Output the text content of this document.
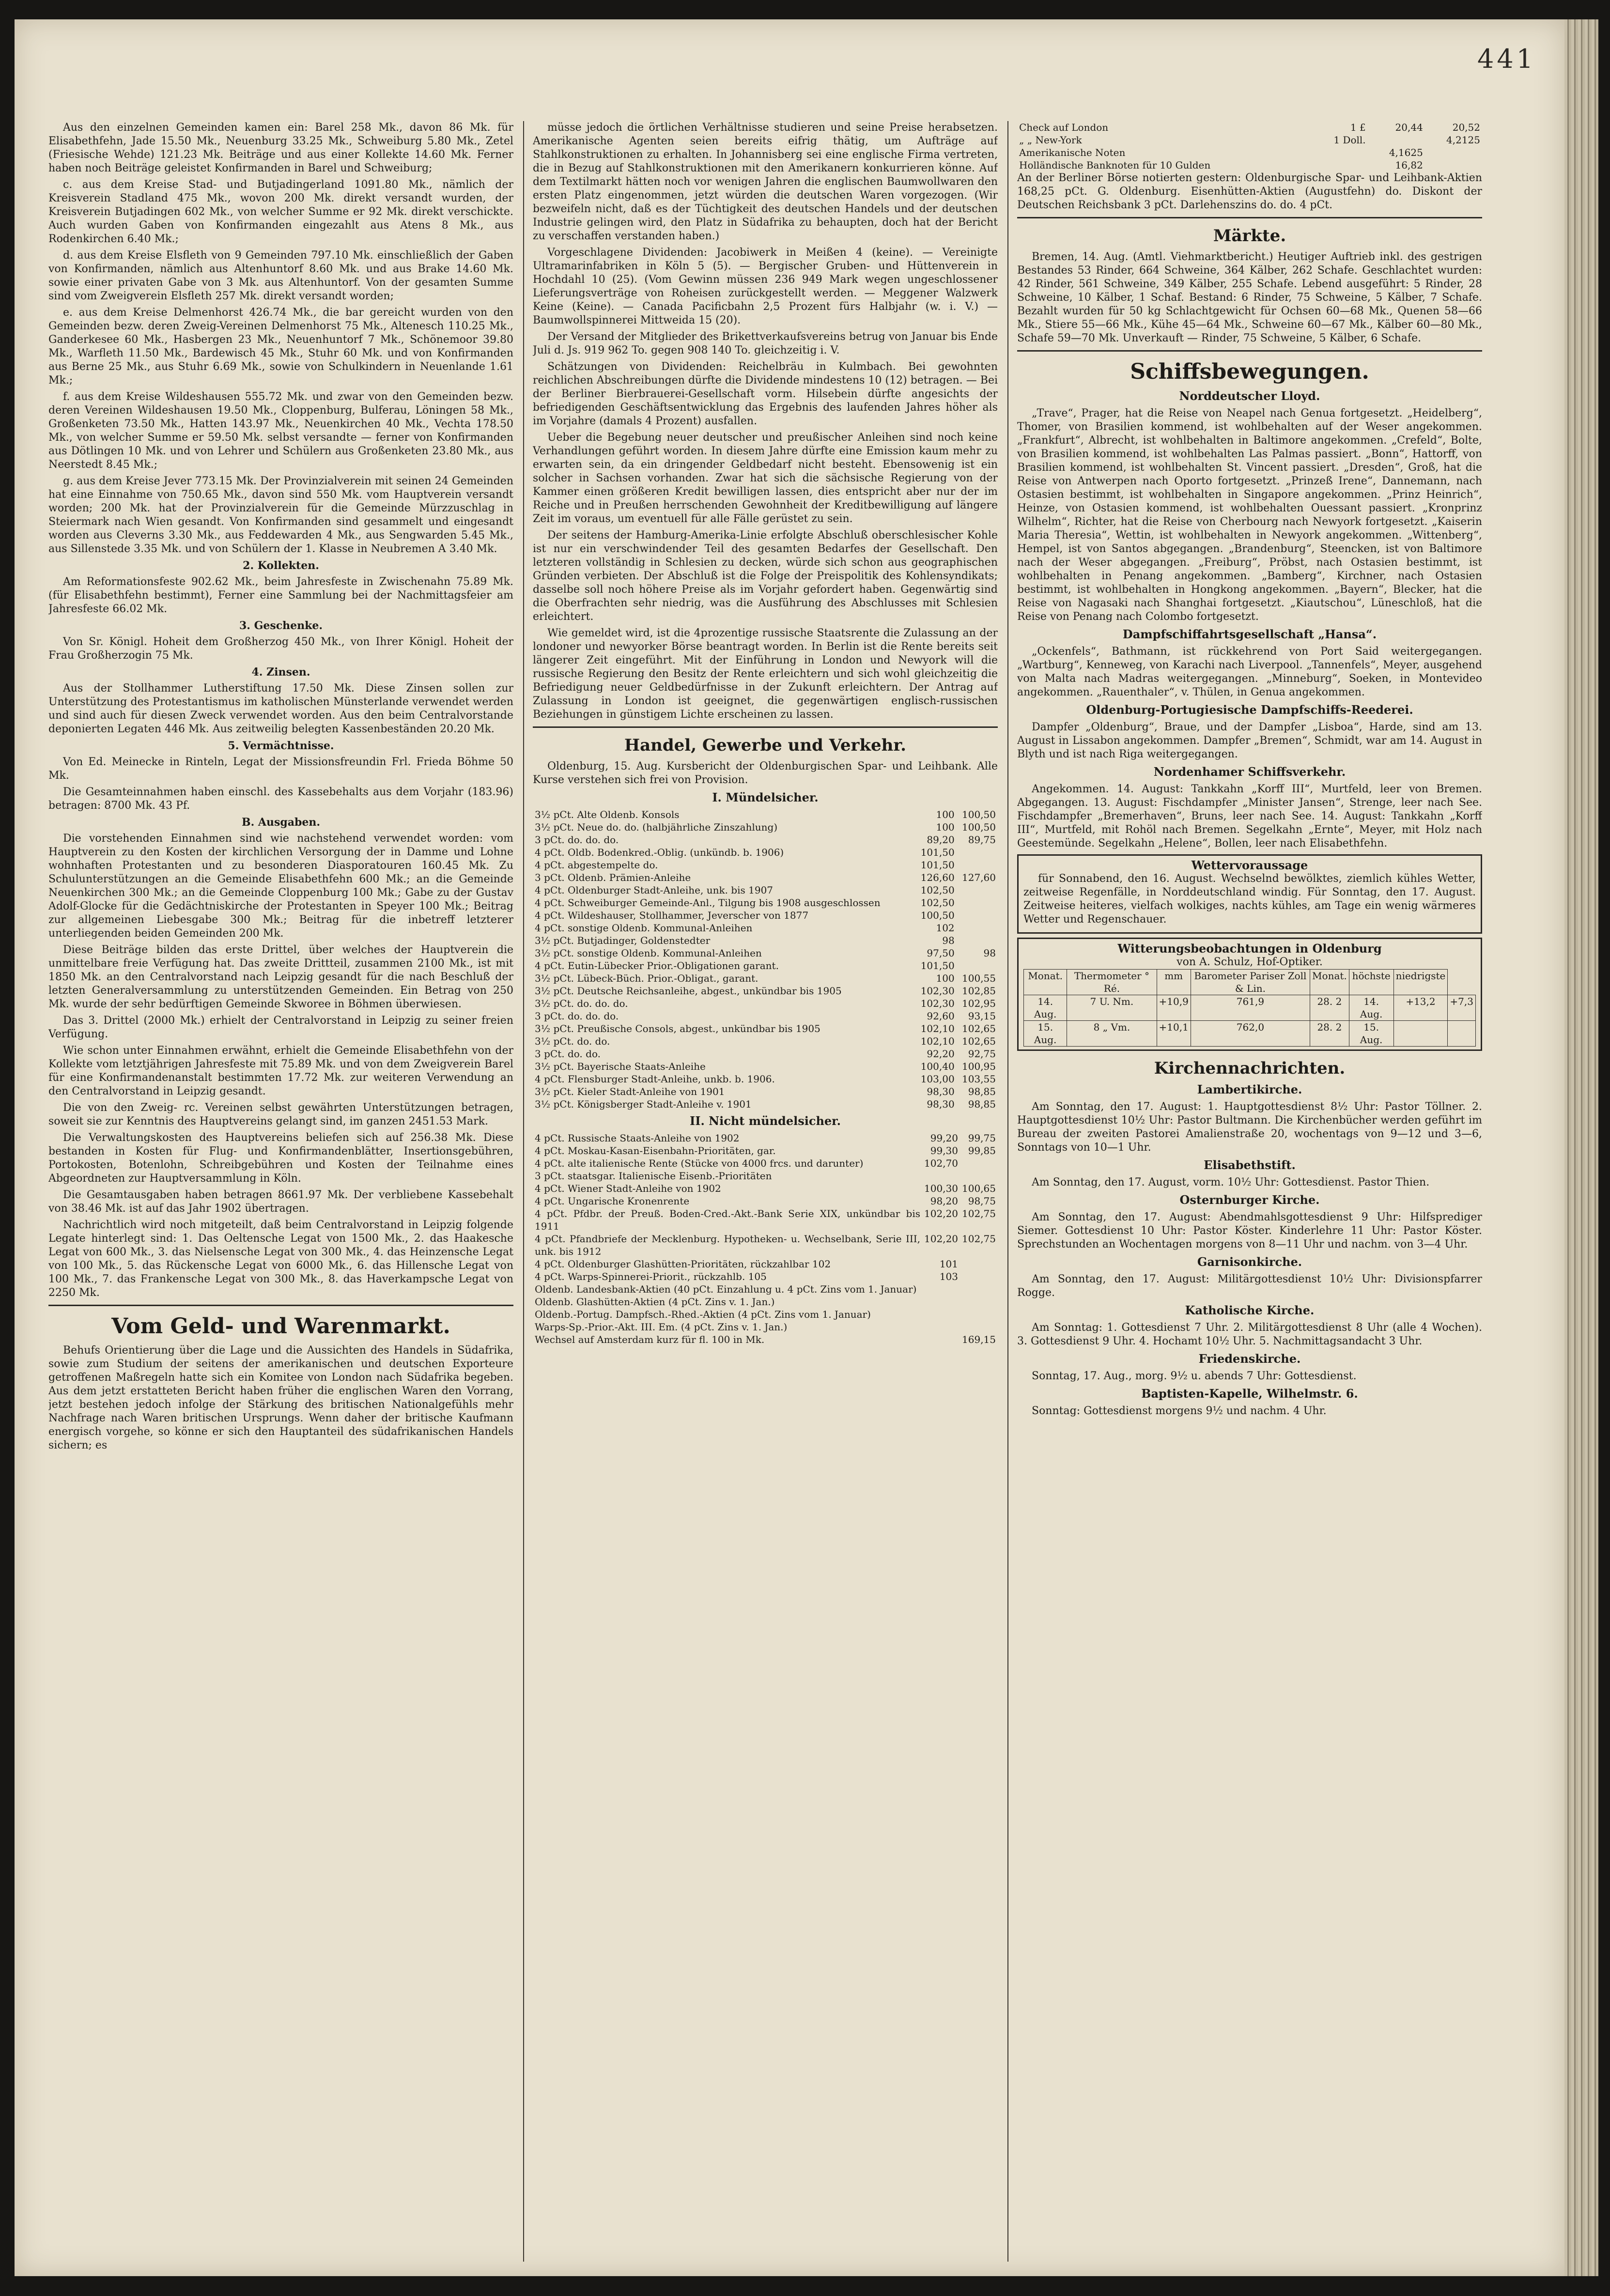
441

Aus den einzelnen Gemeinden kamen ein: Barel 258 Mk., davon 86 Mk. für Elisabethfehn, Jade 15.50 Mk., Neuenburg 33.25 Mk., Schweiburg 5.80 Mk., Zetel (Friesische Wehde) 121.23 Mk. Beiträge und aus einer Kollekte 14.60 Mk. Ferner haben noch Beiträge geleistet Konfirmanden in Barel und Schweiburg;

c. aus dem Kreise Stad- und Butjadingerland 1091.80 Mk., nämlich der Kreisverein Stadland 475 Mk., wovon 200 Mk. direkt versandt wurden, der Kreisverein Butjadingen 602 Mk., von welcher Summe er 92 Mk. direkt verschickte. Auch wurden Gaben von Konfirmanden eingezahlt aus Atens 8 Mk., aus Rodenkirchen 6.40 Mk.;

d. aus dem Kreise Elsfleth von 9 Gemeinden 797.10 Mk. einschließlich der Gaben von Konfirmanden, nämlich aus Altenhuntorf 8.60 Mk. und aus Brake 14.60 Mk. sowie einer privaten Gabe von 3 Mk. aus Altenhuntorf. Von der gesamten Summe sind vom Zweigverein Elsfleth 257 Mk. direkt versandt worden;

e. aus dem Kreise Delmenhorst 426.74 Mk., die bar gereicht wurden von den Gemeinden bezw. deren Zweig-Vereinen Delmenhorst 75 Mk., Altenesch 110.25 Mk., Ganderkesee 60 Mk., Hasbergen 23 Mk., Neuenhuntorf 7 Mk., Schönemoor 39.80 Mk., Warfleth 11.50 Mk., Bardewisch 45 Mk., Stuhr 60 Mk. und von Konfirmanden aus Berne 25 Mk., aus Stuhr 6.69 Mk., sowie von Schulkindern in Neuenlande 1.61 Mk.;

f. aus dem Kreise Wildeshausen 555.72 Mk. und zwar von den Gemeinden bezw. deren Vereinen Wildeshausen 19.50 Mk., Cloppenburg, Bulferau, Löningen 58 Mk., Großenketen 73.50 Mk., Hatten 143.97 Mk., Neuenkirchen 40 Mk., Vechta 178.50 Mk., von welcher Summe er 59.50 Mk. selbst versandte — ferner von Konfirmanden aus Dötlingen 10 Mk. und von Lehrer und Schülern aus Großenketen 23.80 Mk., aus Neerstedt 8.45 Mk.;

g. aus dem Kreise Jever 773.15 Mk. Der Provinzialverein mit seinen 24 Gemeinden hat eine Einnahme von 750.65 Mk., davon sind 550 Mk. vom Hauptverein versandt worden; 200 Mk. hat der Provinzialverein für die Gemeinde Mürzzuschlag in Steiermark nach Wien gesandt. Von Konfirmanden sind gesammelt und eingesandt worden aus Cleverns 3.30 Mk., aus Feddewarden 4 Mk., aus Sengwarden 5.45 Mk., aus Sillenstede 3.35 Mk. und von Schülern der 1. Klasse in Neubremen A 3.40 Mk.

2. Kollekten.

Am Reformationsfeste 902.62 Mk., beim Jahresfeste in Zwischenahn 75.89 Mk. (für Elisabethfehn bestimmt), Ferner eine Sammlung bei der Nachmittagsfeier am Jahresfeste 66.02 Mk.

3. Geschenke.

Von Sr. Königl. Hoheit dem Großherzog 450 Mk., von Ihrer Königl. Hoheit der Frau Großherzogin 75 Mk.

4. Zinsen.

Aus der Stollhammer Lutherstiftung 17.50 Mk. Diese Zinsen sollen zur Unterstützung des Protestantismus im katholischen Münsterlande verwendet werden und sind auch für diesen Zweck verwendet worden. Aus den beim Centralvorstande deponierten Legaten 446 Mk. Aus zeitweilig belegten Kassenbeständen 20.20 Mk.

5. Vermächtnisse.

Von Ed. Meinecke in Rinteln, Legat der Missionsfreundin Frl. Frieda Böhme 50 Mk.

Die Gesamteinnahmen haben einschl. des Kassebehalts aus dem Vorjahr (183.96) betragen: 8700 Mk. 43 Pf.

B. Ausgaben.

Die vorstehenden Einnahmen sind wie nachstehend verwendet worden: vom Hauptverein zu den Kosten der kirchlichen Versorgung der in Damme und Lohne wohnhaften Protestanten und zu besonderen Diasporatouren 160.45 Mk. Zu Schulunterstützungen an die Gemeinde Elisabethfehn 600 Mk.; an die Gemeinde Neuenkirchen 300 Mk.; an die Gemeinde Cloppenburg 100 Mk.; Gabe zu der Gustav Adolf-Glocke für die Gedächtniskirche der Protestanten in Speyer 100 Mk.; Beitrag zur allgemeinen Liebesgabe 300 Mk.; Beitrag für die inbetreff letzterer unterliegenden beiden Gemeinden 200 Mk.

Diese Beiträge bilden das erste Drittel, über welches der Hauptverein die unmittelbare freie Verfügung hat. Das zweite Drittteil, zusammen 2100 Mk., ist mit 1850 Mk. an den Centralvorstand nach Leipzig gesandt für die nach Beschluß der letzten Generalversammlung zu unterstützenden Gemeinden. Ein Betrag von 250 Mk. wurde der sehr bedürftigen Gemeinde Skworee in Böhmen überwiesen.

Das 3. Drittel (2000 Mk.) erhielt der Centralvorstand in Leipzig zu seiner freien Verfügung.

Wie schon unter Einnahmen erwähnt, erhielt die Gemeinde Elisabethfehn von der Kollekte vom letztjährigen Jahresfeste mit 75.89 Mk. und von dem Zweigverein Barel für eine Konfirmandenanstalt bestimmten 17.72 Mk. zur weiteren Verwendung an den Centralvorstand in Leipzig gesandt.

Die von den Zweig- rc. Vereinen selbst gewährten Unterstützungen betragen, soweit sie zur Kenntnis des Hauptvereins gelangt sind, im ganzen 2451.53 Mark.

Die Verwaltungskosten des Hauptvereins beliefen sich auf 256.38 Mk. Diese bestanden in Kosten für Flug- und Konfirmandenblätter, Insertionsgebühren, Portokosten, Botenlohn, Schreibgebühren und Kosten der Teilnahme eines Abgeordneten zur Hauptversammlung in Köln.

Die Gesamtausgaben haben betragen 8661.97 Mk. Der verbliebene Kassebehalt von 38.46 Mk. ist auf das Jahr 1902 übertragen.

Nachrichtlich wird noch mitgeteilt, daß beim Centralvorstand in Leipzig folgende Legate hinterlegt sind: 1. Das Oeltensche Legat von 1500 Mk., 2. das Haakesche Legat von 600 Mk., 3. das Nielsensche Legat von 300 Mk., 4. das Heinzensche Legat von 100 Mk., 5. das Rückensche Legat von 6000 Mk., 6. das Hillensche Legat von 100 Mk., 7. das Frankensche Legat von 300 Mk., 8. das Haverkampsche Legat von 2250 Mk.

Vom Geld- und Warenmarkt.

Behufs Orientierung über die Lage und die Aussichten des Handels in Südafrika, sowie zum Studium der seitens der amerikanischen und deutschen Exporteure getroffenen Maßregeln hatte sich ein Komitee von London nach Südafrika begeben. Aus dem jetzt erstatteten Bericht haben früher die englischen Waren den Vorrang, jetzt bestehen jedoch infolge der Stärkung des britischen Nationalgefühls mehr Nachfrage nach Waren britischen Ursprungs. Wenn daher der britische Kaufmann energisch vorgehe, so könne er sich den Hauptanteil des südafrikanischen Handels sichern; es

müsse jedoch die örtlichen Verhältnisse studieren und seine Preise herabsetzen. Amerikanische Agenten seien bereits eifrig thätig, um Aufträge auf Stahlkonstruktionen zu erhalten. In Johannisberg sei eine englische Firma vertreten, die in Bezug auf Stahlkonstruktionen mit den Amerikanern konkurrieren könne. Auf dem Textilmarkt hätten noch vor wenigen Jahren die englischen Baumwollwaren den ersten Platz eingenommen, jetzt würden die deutschen Waren vorgezogen. (Wir bezweifeln nicht, daß es der Tüchtigkeit des deutschen Handels und der deutschen Industrie gelingen wird, den Platz in Südafrika zu behaupten, doch hat der Bericht zu verschaffen verstanden haben.)

Vorgeschlagene Dividenden: Jacobiwerk in Meißen 4 (keine). — Vereinigte Ultramarinfabriken in Köln 5 (5). — Bergischer Gruben- und Hüttenverein in Hochdahl 10 (25). (Vom Gewinn müssen 236 949 Mark wegen ungeschlossener Lieferungsverträge von Roheisen zurückgestellt werden. — Meggener Walzwerk Keine (Keine). — Canada Pacificbahn 2,5 Prozent fürs Halbjahr (w. i. V.) — Baumwollspinnerei Mittweida 15 (20).

Der Versand der Mitglieder des Brikettverkaufsvereins betrug von Januar bis Ende Juli d. Js. 919 962 To. gegen 908 140 To. gleichzeitig i. V.

Schätzungen von Dividenden: Reichelbräu in Kulmbach. Bei gewohnten reichlichen Abschreibungen dürfte die Dividende mindestens 10 (12) betragen. — Bei der Berliner Bierbrauerei-Gesellschaft vorm. Hilsebein dürfte angesichts der befriedigenden Geschäftsentwicklung das Ergebnis des laufenden Jahres höher als im Vorjahre (damals 4 Prozent) ausfallen.

Ueber die Begebung neuer deutscher und preußischer Anleihen sind noch keine Verhandlungen geführt worden. In diesem Jahre dürfte eine Emission kaum mehr zu erwarten sein, da ein dringender Geldbedarf nicht besteht. Ebensowenig ist ein solcher in Sachsen vorhanden. Zwar hat sich die sächsische Regierung von der Kammer einen größeren Kredit bewilligen lassen, dies entspricht aber nur der im Reiche und in Preußen herrschenden Gewohnheit der Kreditbewilligung auf längere Zeit im voraus, um eventuell für alle Fälle gerüstet zu sein.

Der seitens der Hamburg-Amerika-Linie erfolgte Abschluß oberschlesischer Kohle ist nur ein verschwindender Teil des gesamten Bedarfes der Gesellschaft. Den letzteren vollständig in Schlesien zu decken, würde sich schon aus geographischen Gründen verbieten. Der Abschluß ist die Folge der Preispolitik des Kohlensyndikats; dasselbe soll noch höhere Preise als im Vorjahr gefordert haben. Gegenwärtig sind die Oberfrachten sehr niedrig, was die Ausführung des Abschlusses mit Schlesien erleichtert.

Wie gemeldet wird, ist die 4prozentige russische Staatsrente die Zulassung an der londoner und newyorker Börse beantragt worden. In Berlin ist die Rente bereits seit längerer Zeit eingeführt. Mit der Einführung in London und Newyork will die russische Regierung den Besitz der Rente erleichtern und sich wohl gleichzeitig die Befriedigung neuer Geldbedürfnisse in der Zukunft erleichtern. Der Antrag auf Zulassung in London ist geeignet, die gegenwärtigen englisch-russischen Beziehungen in günstigem Lichte erscheinen zu lassen.

Handel, Gewerbe und Verkehr.

Oldenburg, 15. Aug. Kursbericht der Oldenburgischen Spar- und Leihbank. Alle Kurse verstehen sich frei von Provision.

I. Mündelsicher.
3½ pCt. Alte Oldenb. Konsols	100	100,50
3½ pCt. Neue do. do. (halbjährliche Zinszahlung)	100	100,50
3 pCt. do. do. do.	89,20	89,75
4 pCt. Oldb. Bodenkred.-Oblig. (unkündb. b. 1906)	101,50	
4 pCt. abgestempelte do.	101,50	
3 pCt. Oldenb. Prämien-Anleihe	126,60	127,60
4 pCt. Oldenburger Stadt-Anleihe, unk. bis 1907	102,50	
4 pCt. Schweiburger Gemeinde-Anl., Tilgung bis 1908 ausgeschlossen	102,50	
4 pCt. Wildeshauser, Stollhammer, Jeverscher von 1877	100,50	
4 pCt. sonstige Oldenb. Kommunal-Anleihen	102	
3½ pCt. Butjadinger, Goldenstedter	98	
3½ pCt. sonstige Oldenb. Kommunal-Anleihen	97,50	98
4 pCt. Eutin-Lübecker Prior.-Obligationen garant.	101,50	
3½ pCt. Lübeck-Büch. Prior.-Obligat., garant.	100	100,55
3½ pCt. Deutsche Reichsanleihe, abgest., unkündbar bis 1905	102,30	102,85
3½ pCt. do. do. do.	102,30	102,95
3 pCt. do. do. do.	92,60	93,15
3½ pCt. Preußische Consols, abgest., unkündbar bis 1905	102,10	102,65
3½ pCt. do. do.	102,10	102,65
3 pCt. do. do.	92,20	92,75
3½ pCt. Bayerische Staats-Anleihe	100,40	100,95
4 pCt. Flensburger Stadt-Anleihe, unkb. b. 1906.	103,00	103,55
3½ pCt. Kieler Stadt-Anleihe von 1901	98,30	98,85
3½ pCt. Königsberger Stadt-Anleihe v. 1901	98,30	98,85
II. Nicht mündelsicher.
4 pCt. Russische Staats-Anleihe von 1902	99,20	99,75
4 pCt. Moskau-Kasan-Eisenbahn-Prioritäten, gar.	99,30	99,85
4 pCt. alte italienische Rente (Stücke von 4000 frcs. und darunter)	102,70	
3 pCt. staatsgar. Italienische Eisenb.-Prioritäten		
4 pCt. Wiener Stadt-Anleihe von 1902	100,30	100,65
4 pCt. Ungarische Kronenrente	98,20	98,75
4 pCt. Pfdbr. der Preuß. Boden-Cred.-Akt.-Bank Serie XIX, unkündbar bis 1911	102,20	102,75
4 pCt. Pfandbriefe der Mecklenburg. Hypotheken- u. Wechselbank, Serie III, unk. bis 1912	102,20	102,75
4 pCt. Oldenburger Glashütten-Prioritäten, rückzahlbar 102	101	
4 pCt. Warps-Spinnerei-Priorit., rückzahlb. 105	103	
Oldenb. Landesbank-Aktien (40 pCt. Einzahlung u. 4 pCt. Zins vom 1. Januar)		
Oldenb. Glashütten-Aktien (4 pCt. Zins v. 1. Jan.)		
Oldenb.-Portug. Dampfsch.-Rhed.-Aktien (4 pCt. Zins vom 1. Januar)		
Warps-Sp.-Prior.-Akt. III. Em. (4 pCt. Zins v. 1. Jan.)		
Wechsel auf Amsterdam kurz für fl. 100 in Mk.		169,15
Check auf London	1 £	20,44	20,52
„ „ New-York	1 Doll.		4,2125
Amerikanische Noten		4,1625	
Holländische Banknoten für 10 Gulden		16,82	

An der Berliner Börse notierten gestern: Oldenburgische Spar- und Leihbank-Aktien 168,25 pCt. G. Oldenburg. Eisenhütten-Aktien (Augustfehn) do. Diskont der Deutschen Reichsbank 3 pCt. Darlehenszins do. do. 4 pCt.

Märkte.

Bremen, 14. Aug. (Amtl. Viehmarktbericht.) Heutiger Auftrieb inkl. des gestrigen Bestandes 53 Rinder, 664 Schweine, 364 Kälber, 262 Schafe. Geschlachtet wurden: 42 Rinder, 561 Schweine, 349 Kälber, 255 Schafe. Lebend ausgeführt: 5 Rinder, 28 Schweine, 10 Kälber, 1 Schaf. Bestand: 6 Rinder, 75 Schweine, 5 Kälber, 7 Schafe. Bezahlt wurden für 50 kg Schlachtgewicht für Ochsen 60—68 Mk., Quenen 58—66 Mk., Stiere 55—66 Mk., Kühe 45—64 Mk., Schweine 60—67 Mk., Kälber 60—80 Mk., Schafe 59—70 Mk. Unverkauft — Rinder, 75 Schweine, 5 Kälber, 6 Schafe.

Schiffsbewegungen.
Norddeutscher Lloyd.

„Trave“, Prager, hat die Reise von Neapel nach Genua fortgesetzt. „Heidelberg“, Thomer, von Brasilien kommend, ist wohlbehalten auf der Weser angekommen. „Frankfurt“, Albrecht, ist wohlbehalten in Baltimore angekommen. „Crefeld“, Bolte, von Brasilien kommend, ist wohlbehalten Las Palmas passiert. „Bonn“, Hattorff, von Brasilien kommend, ist wohlbehalten St. Vincent passiert. „Dresden“, Groß, hat die Reise von Antwerpen nach Oporto fortgesetzt. „Prinzeß Irene“, Dannemann, nach Ostasien bestimmt, ist wohlbehalten in Singapore angekommen. „Prinz Heinrich“, Heinze, von Ostasien kommend, ist wohlbehalten Ouessant passiert. „Kronprinz Wilhelm“, Richter, hat die Reise von Cherbourg nach Newyork fortgesetzt. „Kaiserin Maria Theresia“, Wettin, ist wohlbehalten in Newyork angekommen. „Wittenberg“, Hempel, ist von Santos abgegangen. „Brandenburg“, Steencken, ist von Baltimore nach der Weser abgegangen. „Freiburg“, Pröbst, nach Ostasien bestimmt, ist wohlbehalten in Penang angekommen. „Bamberg“, Kirchner, nach Ostasien bestimmt, ist wohlbehalten in Hongkong angekommen. „Bayern“, Blecker, hat die Reise von Nagasaki nach Shanghai fortgesetzt. „Kiautschou“, Lüneschloß, hat die Reise von Penang nach Colombo fortgesetzt.

Dampfschiffahrtsgesellschaft „Hansa“.

„Ockenfels“, Bathmann, ist rückkehrend von Port Said weitergegangen. „Wartburg“, Kenneweg, von Karachi nach Liverpool. „Tannenfels“, Meyer, ausgehend von Malta nach Madras weitergegangen. „Minneburg“, Soeken, in Montevideo angekommen. „Rauenthaler“, v. Thülen, in Genua angekommen.

Oldenburg-Portugiesische Dampfschiffs-Reederei.

Dampfer „Oldenburg“, Braue, und der Dampfer „Lisboa“, Harde, sind am 13. August in Lissabon angekommen. Dampfer „Bremen“, Schmidt, war am 14. August in Blyth und ist nach Riga weitergegangen.

Nordenhamer Schiffsverkehr.

Angekommen. 14. August: Tankkahn „Korff III“, Murtfeld, leer von Bremen. Abgegangen. 13. August: Fischdampfer „Minister Jansen“, Strenge, leer nach See. Fischdampfer „Bremerhaven“, Bruns, leer nach See. 14. August: Tankkahn „Korff III“, Murtfeld, mit Rohöl nach Bremen. Segelkahn „Ernte“, Meyer, mit Holz nach Geestemünde. Segelkahn „Helene“, Bollen, leer nach Elisabethfehn.

Wettervoraussage

für Sonnabend, den 16. August. Wechselnd bewölktes, ziemlich kühles Wetter, zeitweise Regenfälle, in Norddeutschland windig. Für Sonntag, den 17. August. Zeitweise heiteres, vielfach wolkiges, nachts kühles, am Tage ein wenig wärmeres Wetter und Regenschauer.

Witterungsbeobachtungen in Oldenburg
von A. Schulz, Hof-Optiker.
Monat.	Thermometer ° Ré.	mm	Barometer Pariser Zoll & Lin.	Monat.	höchste	niedrigste	
14. Aug.	7 U. Nm.	+10,9	761,9	28. 2	14. Aug.	+13,2	+7,3
15. Aug.	8 „ Vm.	+10,1	762,0	28. 2	15. Aug.		
Kirchennachrichten.
Lambertikirche.

Am Sonntag, den 17. August: 1. Hauptgottesdienst 8½ Uhr: Pastor Töllner. 2. Hauptgottesdienst 10½ Uhr: Pastor Bultmann. Die Kirchenbücher werden geführt im Bureau der zweiten Pastorei Amalienstraße 20, wochentags von 9—12 und 3—6, Sonntags von 10—1 Uhr.

Elisabethstift.

Am Sonntag, den 17. August, vorm. 10½ Uhr: Gottesdienst. Pastor Thien.

Osternburger Kirche.

Am Sonntag, den 17. August: Abendmahlsgottesdienst 9 Uhr: Hilfsprediger Siemer. Gottesdienst 10 Uhr: Pastor Köster. Kinderlehre 11 Uhr: Pastor Köster. Sprechstunden an Wochentagen morgens von 8—11 Uhr und nachm. von 3—4 Uhr.

Garnisonkirche.

Am Sonntag, den 17. August: Militärgottesdienst 10½ Uhr: Divisionspfarrer Rogge.

Katholische Kirche.

Am Sonntag: 1. Gottesdienst 7 Uhr. 2. Militärgottesdienst 8 Uhr (alle 4 Wochen). 3. Gottesdienst 9 Uhr. 4. Hochamt 10½ Uhr. 5. Nachmittagsandacht 3 Uhr.

Friedenskirche.

Sonntag, 17. Aug., morg. 9½ u. abends 7 Uhr: Gottesdienst.

Baptisten-Kapelle, Wilhelmstr. 6.

Sonntag: Gottesdienst morgens 9½ und nachm. 4 Uhr.
